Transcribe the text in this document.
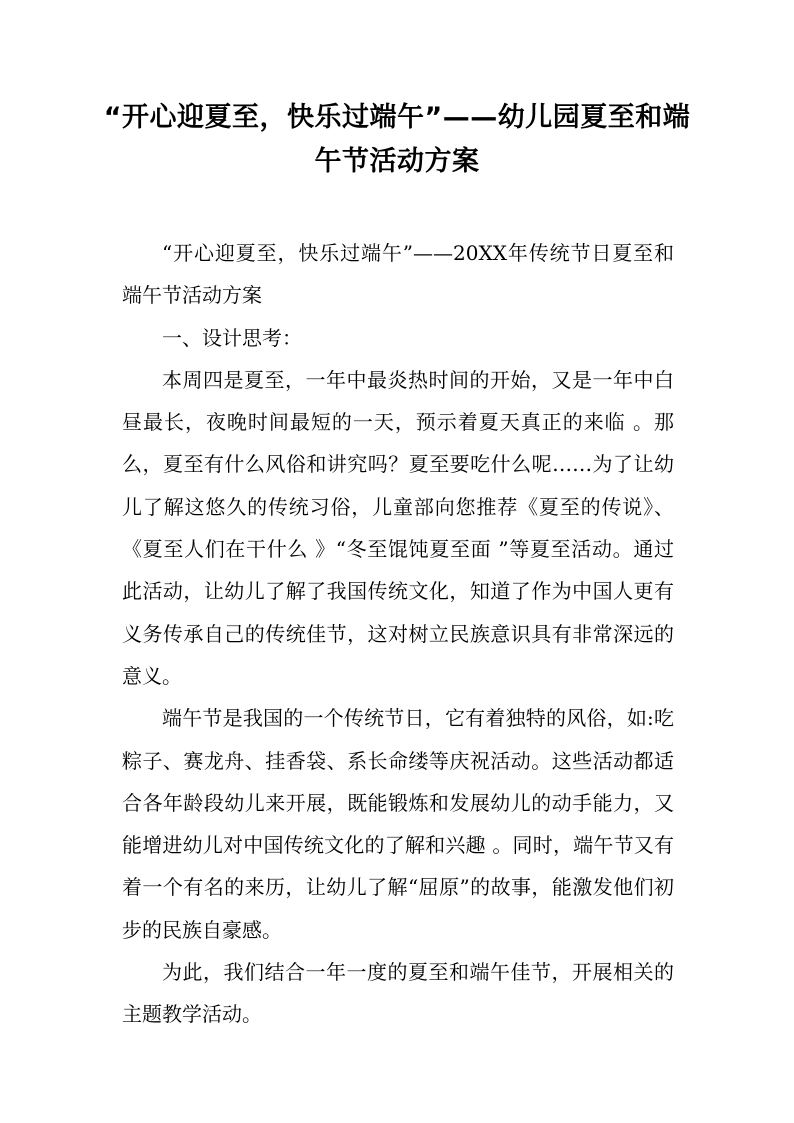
“开心迎夏至，快乐过端午”——幼儿园夏至和端午节活动方案

“开心迎夏至，快乐过端午”——20XX年传统节日夏至和端午节活动方案

一、设计思考：

本周四是夏至，一年中最炎热时间的开始，又是一年中白昼最长，夜晚时间最短的一天，预示着夏天真正的来临 。那么，夏至有什么风俗和讲究吗？夏至要吃什么呢……为了让幼儿了解这悠久的传统习俗，儿童部向您推荐《夏至的传说》、《夏至人们在干什么 》“冬至馄饨夏至面 ”等夏至活动。通过此活动，让幼儿了解了我国传统文化，知道了作为中国人更有义务传承自己的传统佳节，这对树立民族意识具有非常深远的意义。

端午节是我国的一个传统节日，它有着独特的风俗，如:吃粽子、赛龙舟、挂香袋、系长命缕等庆祝活动。这些活动都适合各年龄段幼儿来开展，既能锻炼和发展幼儿的动手能力，又能增进幼儿对中国传统文化的了解和兴趣 。同时，端午节又有着一个有名的来历，让幼儿了解“屈原”的故事，能激发他们初步的民族自豪感。

为此，我们结合一年一度的夏至和端午佳节，开展相关的主题教学活动。
